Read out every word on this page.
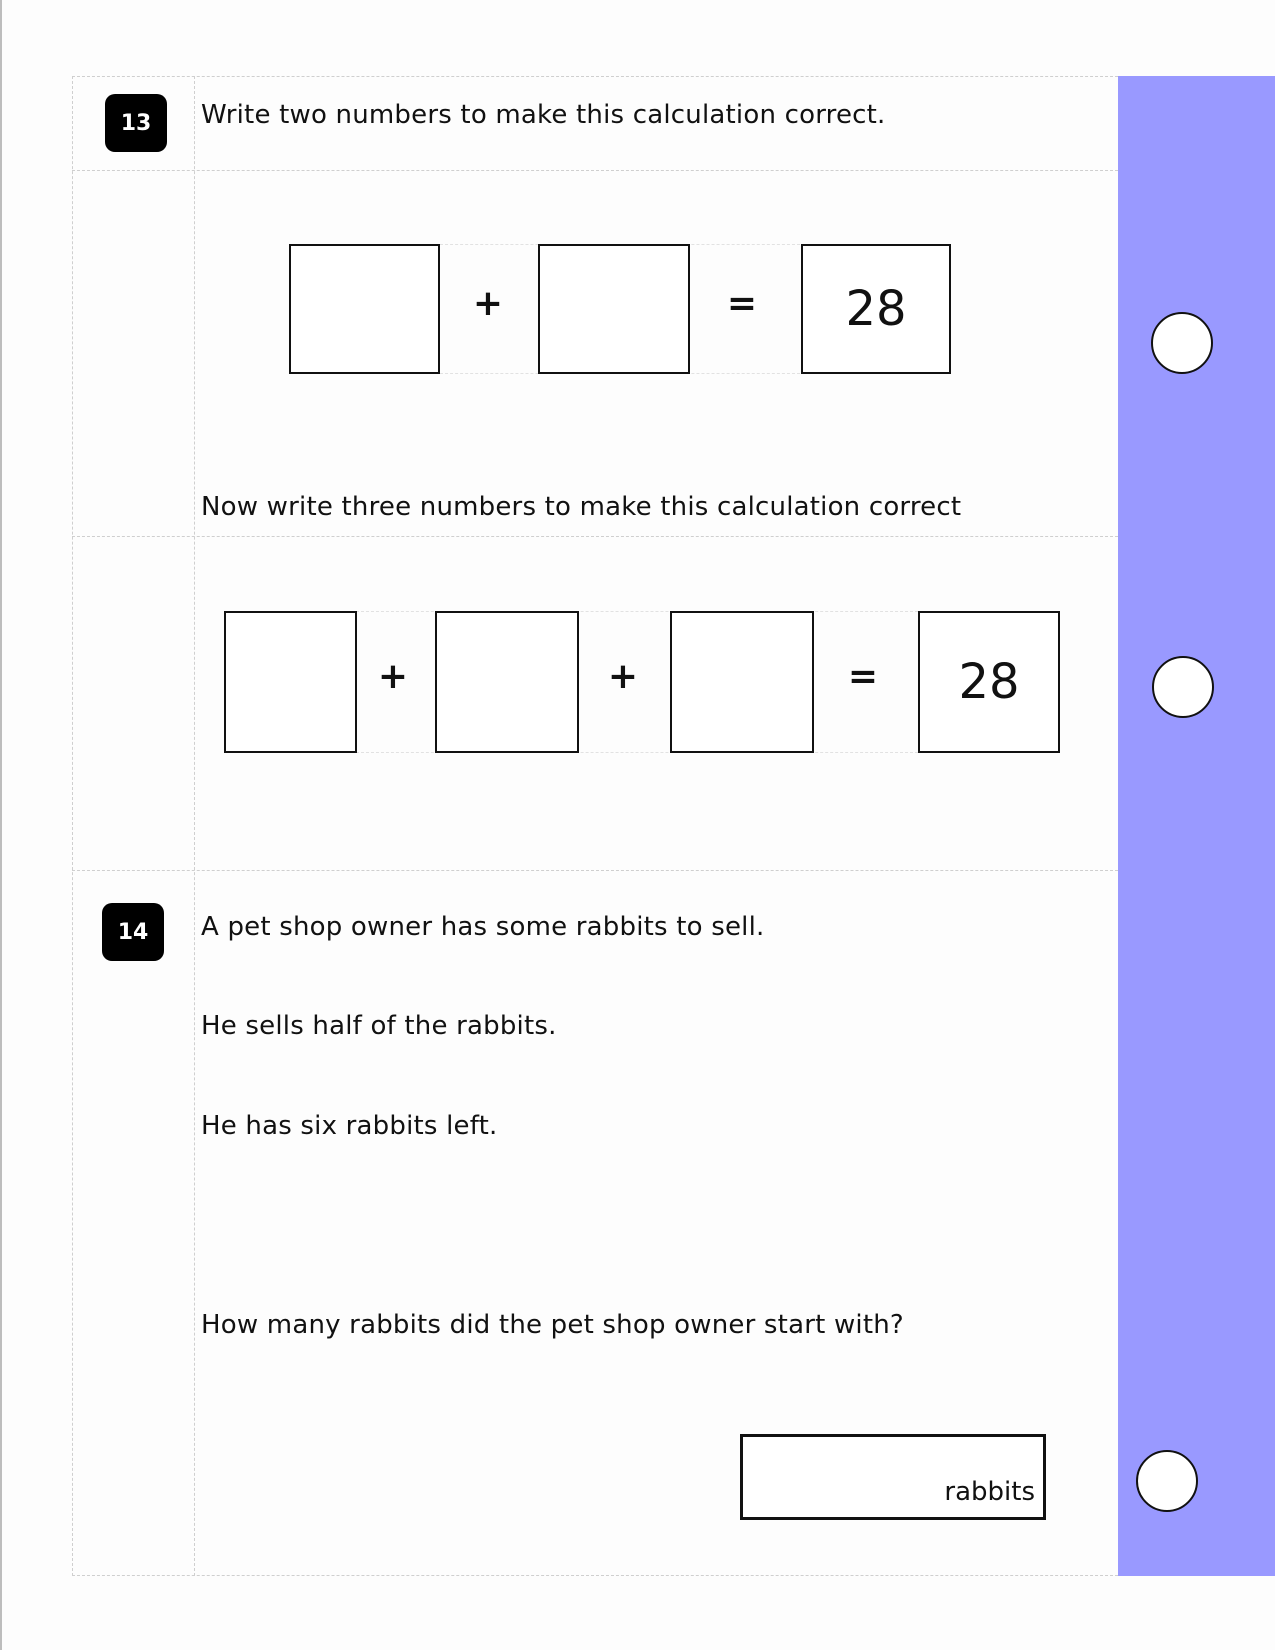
13	Write two numbers to make this calculation correct.
+	= 28
Now write three numbers to make this calculation correct
+	+	= 28
14	A pet shop owner has some rabbits to sell.
He sells half of the rabbits.
He has six rabbits left.
How many rabbits did the pet shop owner start with?
rabbits
